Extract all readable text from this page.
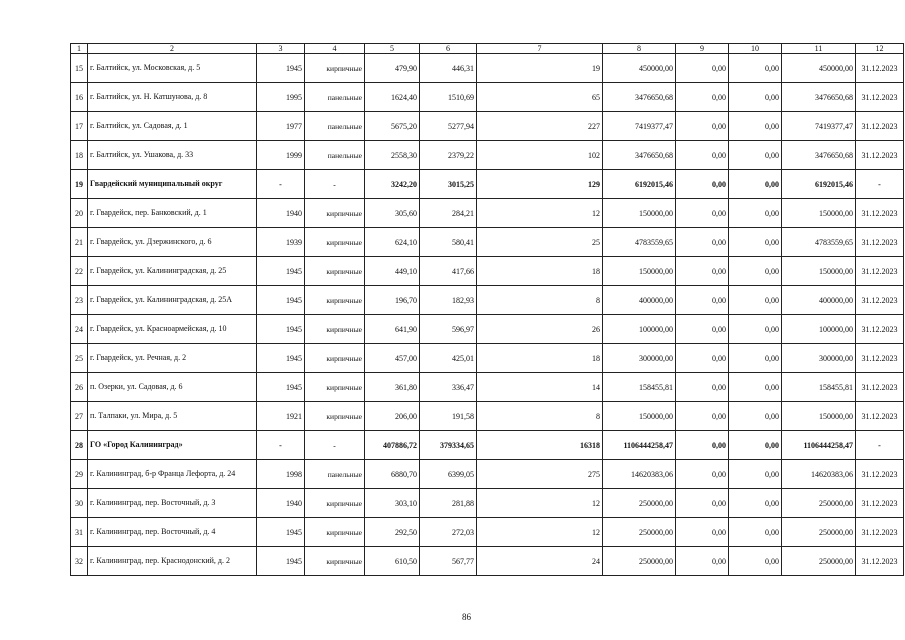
1	2	3	4	5	6	7	8	9	10	11	12
15	г. Балтийск, ул. Московская, д. 5	1945	кирпичные	479,90	446,31	19	450000,00	0,00	0,00	450000,00	31.12.2023
16	г. Балтийск, ул. Н. Катшунова, д. 8	1995	панельные	1624,40	1510,69	65	3476650,68	0,00	0,00	3476650,68	31.12.2023
17	г. Балтийск, ул. Садовая, д. 1	1977	панельные	5675,20	5277,94	227	7419377,47	0,00	0,00	7419377,47	31.12.2023
18	г. Балтийск, ул. Ушакова, д. 33	1999	панельные	2558,30	2379,22	102	3476650,68	0,00	0,00	3476650,68	31.12.2023
19	Гвардейский муниципальный округ	-	-	3242,20	3015,25	129	6192015,46	0,00	0,00	6192015,46	-
20	г. Гвардейск, пер. Банковский, д. 1	1940	кирпичные	305,60	284,21	12	150000,00	0,00	0,00	150000,00	31.12.2023
21	г. Гвардейск, ул. Дзержинского, д. 6	1939	кирпичные	624,10	580,41	25	4783559,65	0,00	0,00	4783559,65	31.12.2023
22	г. Гвардейск, ул. Калининградская, д. 25	1945	кирпичные	449,10	417,66	18	150000,00	0,00	0,00	150000,00	31.12.2023
23	г. Гвардейск, ул. Калининградская, д. 25А	1945	кирпичные	196,70	182,93	8	400000,00	0,00	0,00	400000,00	31.12.2023
24	г. Гвардейск, ул. Красноармейская, д. 10	1945	кирпичные	641,90	596,97	26	100000,00	0,00	0,00	100000,00	31.12.2023
25	г. Гвардейск, ул. Речная, д. 2	1945	кирпичные	457,00	425,01	18	300000,00	0,00	0,00	300000,00	31.12.2023
26	п. Озерки, ул. Садовая, д. 6	1945	кирпичные	361,80	336,47	14	158455,81	0,00	0,00	158455,81	31.12.2023
27	п. Талпаки, ул. Мира, д. 5	1921	кирпичные	206,00	191,58	8	150000,00	0,00	0,00	150000,00	31.12.2023
28	ГО «Город Калининград»	-	-	407886,72	379334,65	16318	1106444258,47	0,00	0,00	1106444258,47	-
29	г. Калининград, б-р Франца Лефорта, д. 24	1998	панельные	6880,70	6399,05	275	14620383,06	0,00	0,00	14620383,06	31.12.2023
30	г. Калининград, пер. Восточный, д. 3	1940	кирпичные	303,10	281,88	12	250000,00	0,00	0,00	250000,00	31.12.2023
31	г. Калининград, пер. Восточный, д. 4	1945	кирпичные	292,50	272,03	12	250000,00	0,00	0,00	250000,00	31.12.2023
32	г. Калининград, пер. Краснодонский, д. 2	1945	кирпичные	610,50	567,77	24	250000,00	0,00	0,00	250000,00	31.12.2023
86
